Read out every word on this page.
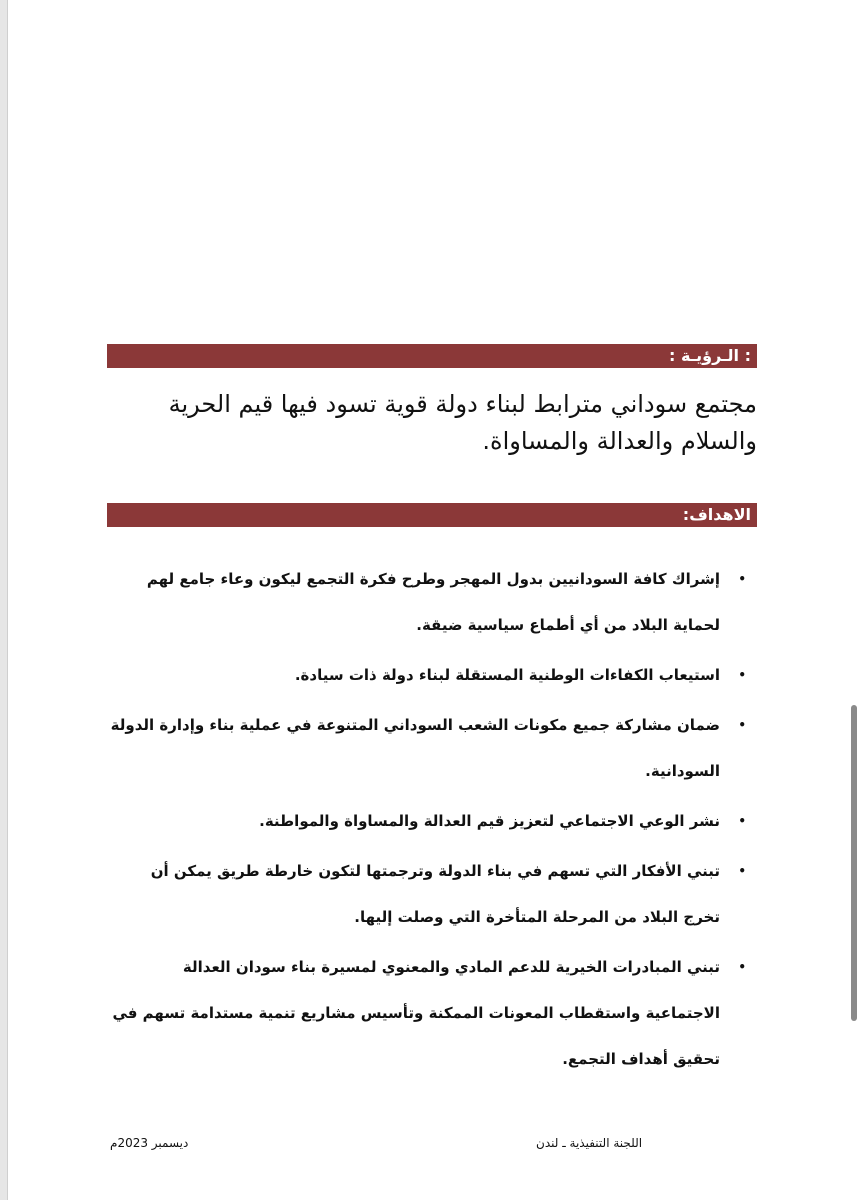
: الـرؤيـة :
مجتمع سوداني مترابط لبناء دولة قوية تسود فيها قيم الحرية والسلام والعدالة والمساواة.
الاهداف:
•
إشراك كافة السودانيين بدول المهجر وطرح فكرة التجمع ليكون وعاء جامع لهم لحماية البلاد من أي أطماع سياسية ضيقة.
•
استيعاب الكفاءات الوطنية المستقلة لبناء دولة ذات سيادة.
•
ضمان مشاركة جميع مكونات الشعب السوداني المتنوعة في عملية بناء وإدارة الدولة السودانية.
•
نشر الوعي الاجتماعي لتعزيز قيم العدالة والمساواة والمواطنة.
•
تبني الأفكار التي تسهم في بناء الدولة وترجمتها لتكون خارطة طريق يمكن أن تخرج البلاد من المرحلة المتأخرة التي وصلت إليها.
•
تبني المبادرات الخيرية للدعم المادي والمعنوي لمسيرة بناء سودان العدالة الاجتماعية واستقطاب المعونات الممكنة وتأسيس مشاريع تنمية مستدامة تسهم في تحقيق أهداف التجمع.
ديسمبر 2023م	اللجنة التنفيذية ـ لندن
